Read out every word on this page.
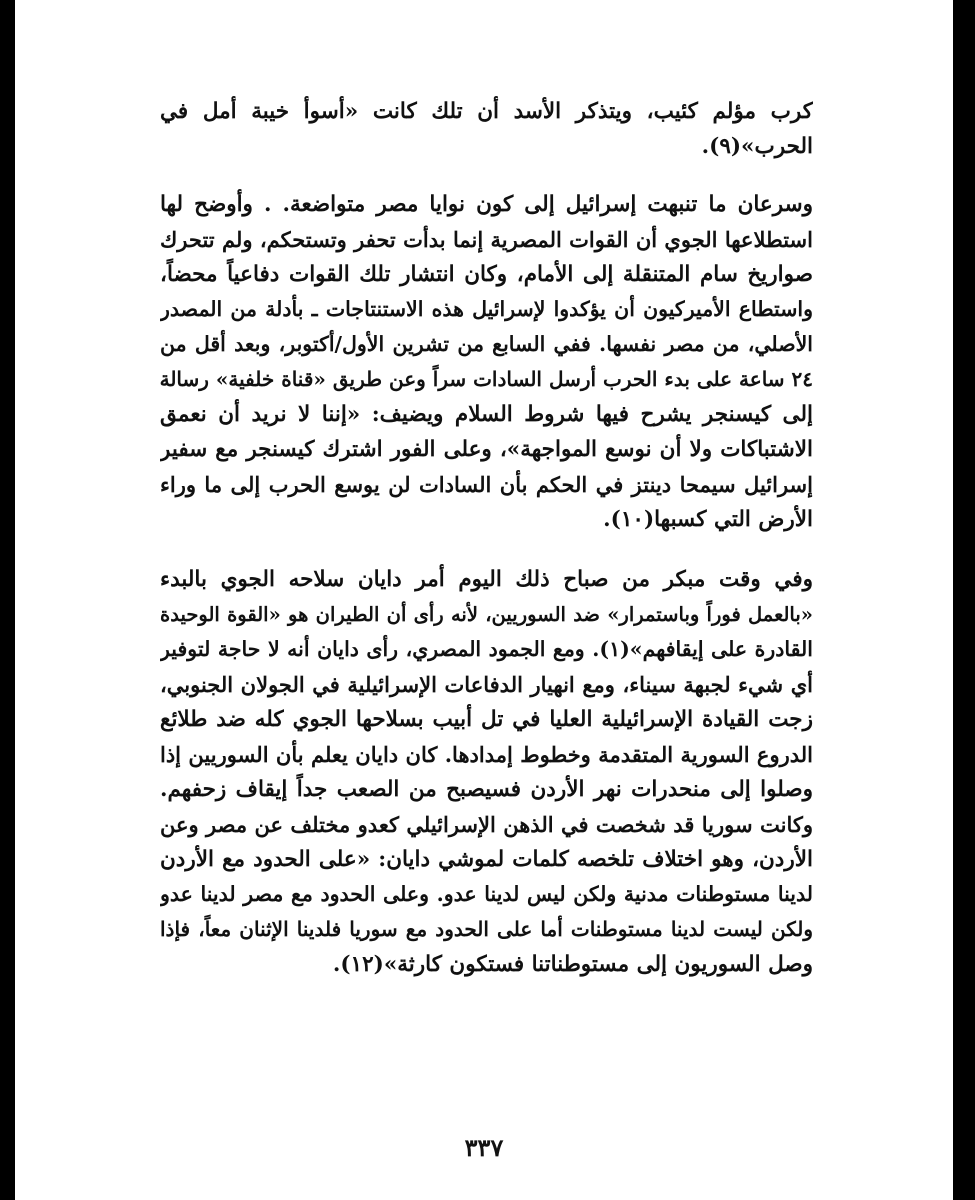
كرب مؤلم كئيب، ويتذكر الأسد أن تلك كانت «أسوأ خيبة أمل في
الحرب»(٩).
وسرعان ما تنبهت إسرائيل إلى كون نوايا مصر متواضعة. . وأوضح لها
استطلاعها الجوي أن القوات المصرية إنما بدأت تحفر وتستحكم، ولم تتحرك
صواريخ سام المتنقلة إلى الأمام، وكان انتشار تلك القوات دفاعياً محضاً،
واستطاع الأميركيون أن يؤكدوا لإسرائيل هذه الاستنتاجات ـ بأدلة من المصدر
الأصلي، من مصر نفسها. ففي السابع من تشرين الأول/أكتوبر، وبعد أقل من
٢٤ ساعة على بدء الحرب أرسل السادات سراً وعن طريق «قناة خلفية» رسالة
إلى كيسنجر يشرح فيها شروط السلام ويضيف: «إننا لا نريد أن نعمق
الاشتباكات ولا أن نوسع المواجهة»، وعلى الفور اشترك كيسنجر مع سفير
إسرائيل سيمحا دينتز في الحكم بأن السادات لن يوسع الحرب إلى ما وراء
الأرض التي كسبها(١٠).
وفي وقت مبكر من صباح ذلك اليوم أمر دايان سلاحه الجوي بالبدء
«بالعمل فوراً وباستمرار» ضد السوريين، لأنه رأى أن الطيران هو «القوة الوحيدة
القادرة على إيقافهم»(١). ومع الجمود المصري، رأى دايان أنه لا حاجة لتوفير
أي شيء لجبهة سيناء، ومع انهيار الدفاعات الإسرائيلية في الجولان الجنوبي،
زجت القيادة الإسرائيلية العليا في تل أبيب بسلاحها الجوي كله ضد طلائع
الدروع السورية المتقدمة وخطوط إمدادها. كان دايان يعلم بأن السوريين إذا
وصلوا إلى منحدرات نهر الأردن فسيصبح من الصعب جداً إيقاف زحفهم.
وكانت سوريا قد شخصت في الذهن الإسرائيلي كعدو مختلف عن مصر وعن
الأردن، وهو اختلاف تلخصه كلمات لموشي دايان: «على الحدود مع الأردن
لدينا مستوطنات مدنية ولكن ليس لدينا عدو. وعلى الحدود مع مصر لدينا عدو
ولكن ليست لدينا مستوطنات أما على الحدود مع سوريا فلدينا الإثنان معاً، فإذا
وصل السوريون إلى مستوطناتنا فستكون كارثة»(١٢).
٣٣٧
